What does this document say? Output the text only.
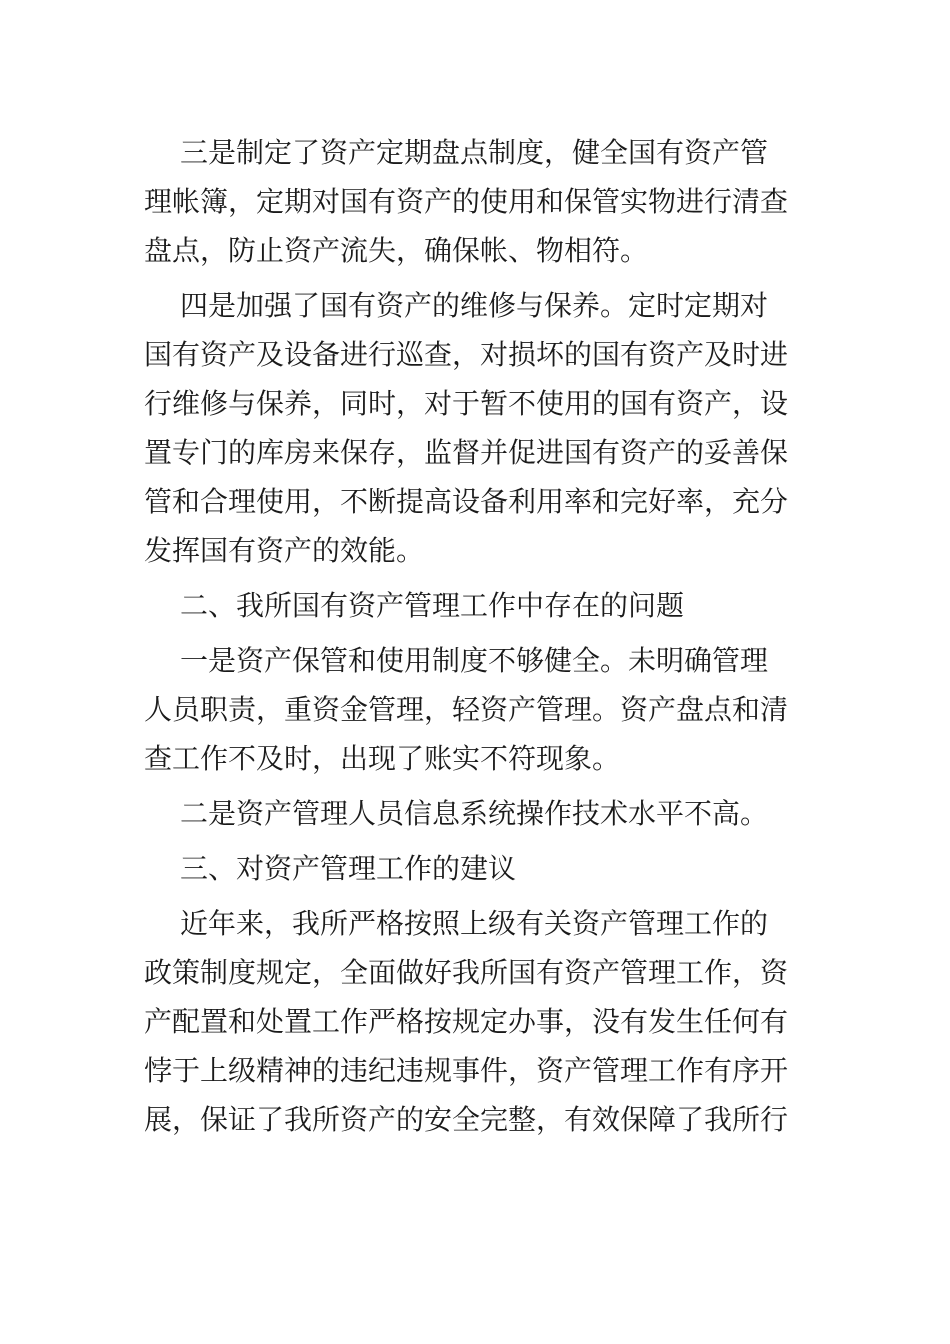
三是制定了资产定期盘点制度，健全国有资产管
理帐簿，定期对国有资产的使用和保管实物进行清查
盘点，防止资产流失，确保帐、物相符。
四是加强了国有资产的维修与保养。定时定期对
国有资产及设备进行巡查，对损坏的国有资产及时进
行维修与保养，同时，对于暂不使用的国有资产，设
置专门的库房来保存，监督并促进国有资产的妥善保
管和合理使用，不断提高设备利用率和完好率，充分
发挥国有资产的效能。
二、我所国有资产管理工作中存在的问题
一是资产保管和使用制度不够健全。未明确管理
人员职责，重资金管理，轻资产管理。资产盘点和清
查工作不及时，出现了账实不符现象。
二是资产管理人员信息系统操作技术水平不高。
三、对资产管理工作的建议
近年来，我所严格按照上级有关资产管理工作的
政策制度规定，全面做好我所国有资产管理工作，资
产配置和处置工作严格按规定办事，没有发生任何有
悖于上级精神的违纪违规事件，资产管理工作有序开
展，保证了我所资产的安全完整，有效保障了我所行
